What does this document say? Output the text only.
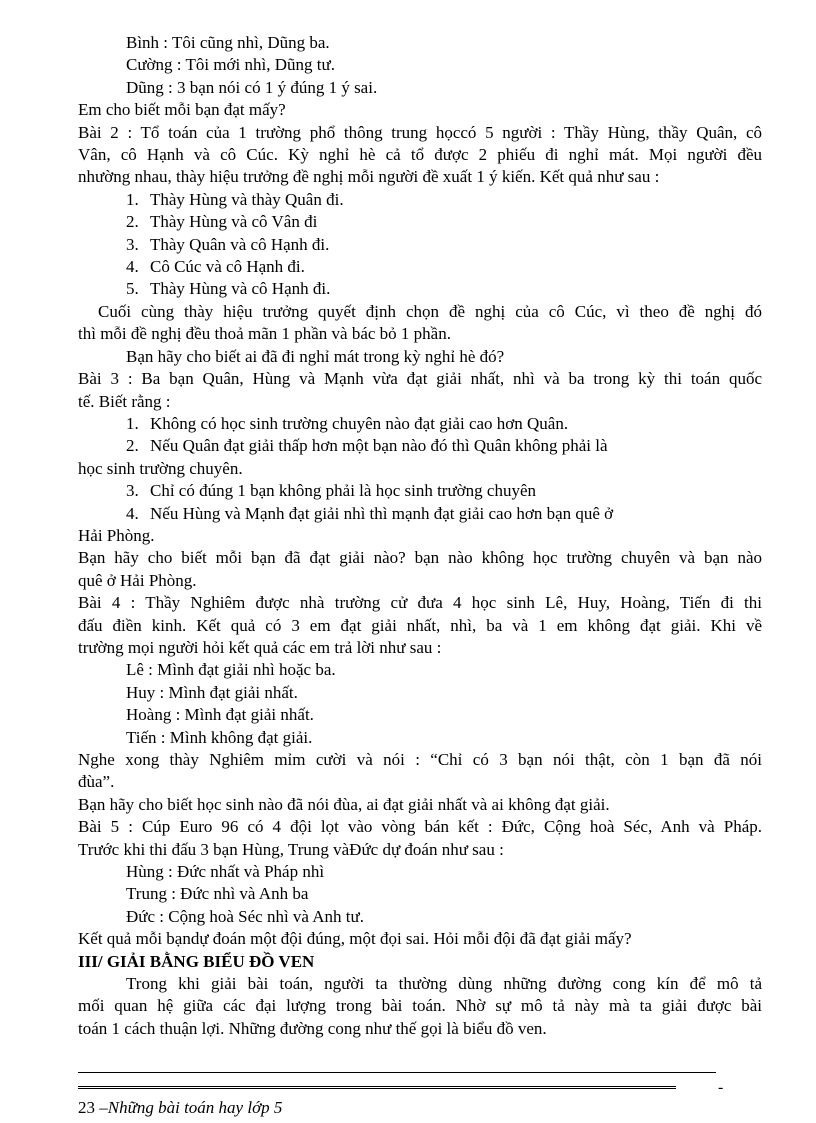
Bình : Tôi cũng nhì, Dũng ba.
Cường : Tôi mới nhì, Dũng tư.
Dũng : 3 bạn nói có 1 ý đúng 1 ý sai.
Em cho biết mỗi bạn đạt mấy?
Bài 2 : Tổ toán của 1 trường phổ thông trung họccó 5 người : Thầy Hùng, thầy Quân, cô
Vân, cô Hạnh và cô Cúc. Kỳ nghỉ hè cả tổ được 2 phiếu đi nghỉ mát. Mọi người đều
nhường nhau, thày hiệu trưởng đề nghị mỗi người đề xuất 1 ý kiến. Kết quả như sau :
1. Thày Hùng và thày Quân đi.
2. Thày Hùng và cô Vân đi
3. Thày Quân và cô Hạnh đi.
4. Cô Cúc và cô Hạnh đi.
5. Thày Hùng và cô Hạnh đi.
Cuối cùng thày hiệu trưởng quyết định chọn đề nghị của cô Cúc, vì theo đề nghị đó
thì mỗi đề nghị đều thoả mãn 1 phần và bác bỏ 1 phần.
Bạn hãy cho biết ai đã đi nghỉ mát trong kỳ nghỉ hè đó?
Bài 3 : Ba bạn Quân, Hùng và Mạnh vừa đạt giải nhất, nhì và ba trong kỳ thi toán quốc
tế. Biết rằng :
1. Không có học sinh trường chuyên nào đạt giải cao hơn Quân.
2. Nếu Quân đạt giải thấp hơn một bạn nào đó thì Quân không phải là
học sinh trường chuyên.
3. Chỉ có đúng 1 bạn không phải là học sinh trường chuyên
4. Nếu Hùng và Mạnh đạt giải nhì thì mạnh đạt giải cao hơn bạn quê ở
Hải Phòng.
Bạn hãy cho biết mỗi bạn đã đạt giải nào? bạn nào không học trường chuyên và bạn nào
quê ở Hải Phòng.
Bài 4 : Thầy Nghiêm được nhà trường cử đưa 4 học sinh Lê, Huy, Hoàng, Tiến đi thi
đấu điền kinh. Kết quả có 3 em đạt giải nhất, nhì, ba và 1 em không đạt giải. Khi về
trường mọi người hỏi kết quả các em trả lời như sau :
Lê : Mình đạt giải nhì hoặc ba.
Huy : Mình đạt giải nhất.
Hoàng : Mình đạt giải nhất.
Tiến : Mình không đạt giải.
Nghe xong thày Nghiêm mỉm cười và nói : “Chỉ có 3 bạn nói thật, còn 1 bạn đã nói
đùa”.
Bạn hãy cho biết học sinh nào đã nói đùa, ai đạt giải nhất và ai không đạt giải.
Bài 5 : Cúp Euro 96 có 4 đội lọt vào vòng bán kết : Đức, Cộng hoà Séc, Anh và Pháp.
Trước khi thi đấu 3 bạn Hùng, Trung vàĐức dự đoán như sau :
Hùng : Đức nhất và Pháp nhì
Trung : Đức nhì và Anh ba
Đức : Cộng hoà Séc nhì và Anh tư.
Kết quả mỗi bạndự đoán một đội đúng, một đọi sai. Hỏi mỗi đội đã đạt giải mấy?
III/ GIẢI BẰNG BIỂU ĐỒ VEN
Trong khi giải bài toán, người ta thường dùng những đường cong kín để mô tả
mối quan hệ giữa các đại lượng trong bài toán. Nhờ sự mô tả này mà ta giải được bài
toán 1 cách thuận lợi. Những đường cong như thế gọi là biểu đồ ven.
-
23 –Những bài toán hay lớp 5
